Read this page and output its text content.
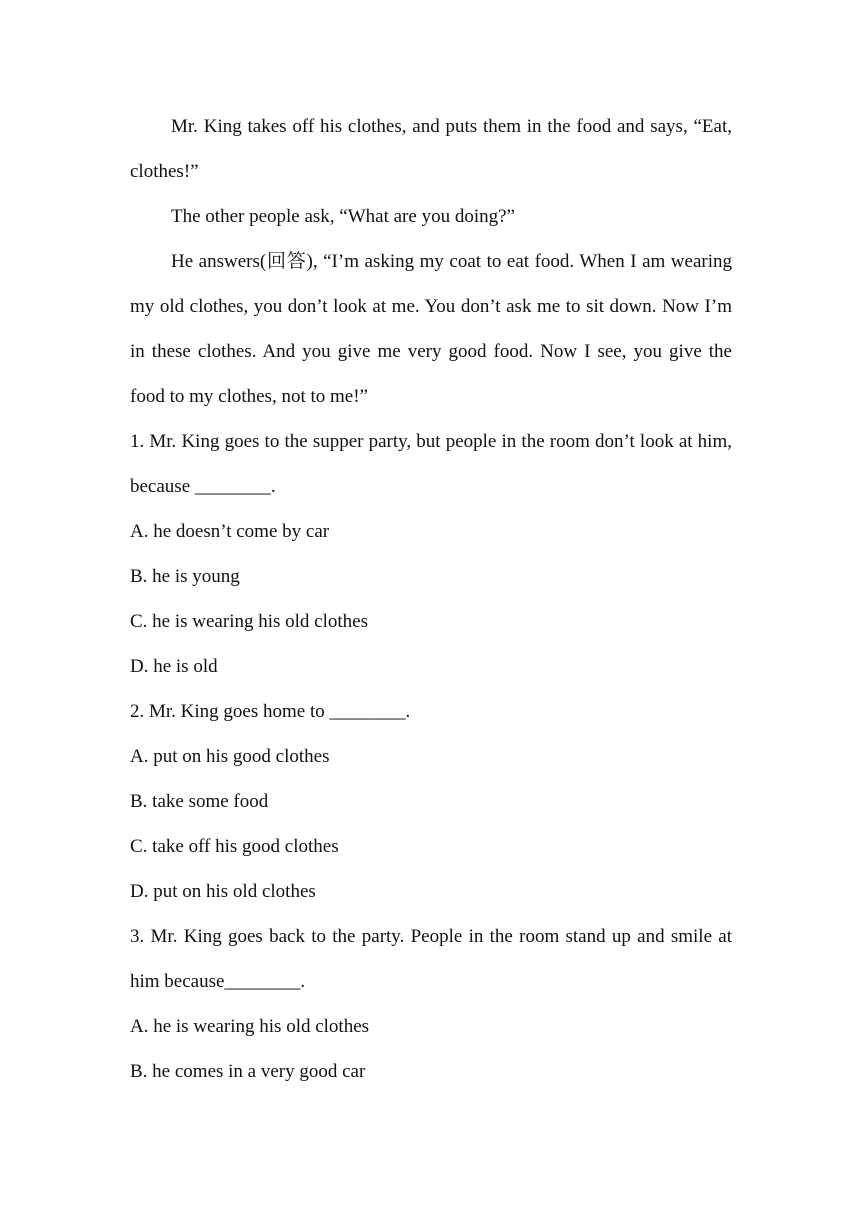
Mr. King takes off his clothes, and puts them in the food and says, “Eat, clothes!”

The other people ask, “What are you doing?”

He answers(回答), “I’m asking my coat to eat food. When I am wearing my old clothes, you don’t look at me. You don’t ask me to sit down. Now I’m in these clothes. And you give me very good food. Now I see, you give the food to my clothes, not to me!”

1. Mr. King goes to the supper party, but people in the room don’t look at him, because ________.

A. he doesn’t come by car

B. he is young

C. he is wearing his old clothes

D. he is old

2. Mr. King goes home to ________.

A. put on his good clothes

B. take some food

C. take off his good clothes

D. put on his old clothes

3. Mr. King goes back to the party. People in the room stand up and smile at him because________.

A. he is wearing his old clothes

B. he comes in a very good car
